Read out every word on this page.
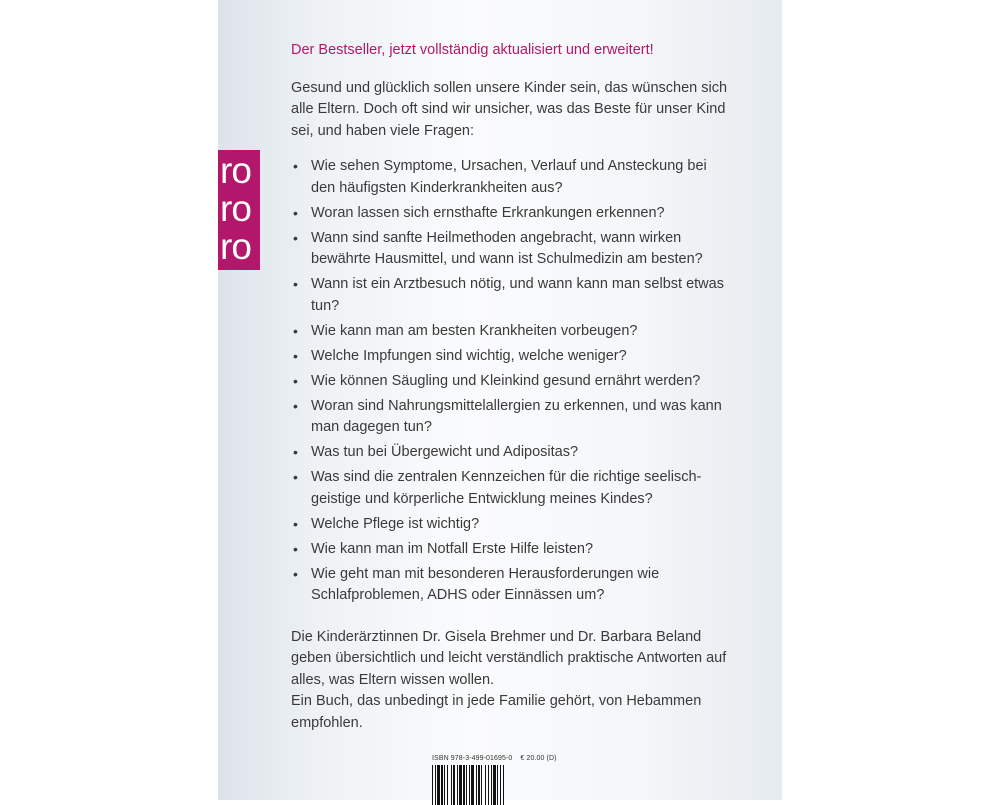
ro
ro
ro

Der Bestseller, jetzt vollständig aktualisiert und erweitert!

Gesund und glücklich sollen unsere Kinder sein, das wünschen sich alle Eltern. Doch oft sind wir unsicher, was das Beste für unser Kind sei, und haben viele Fragen:

• Wie sehen Symptome, Ursachen, Verlauf und Ansteckung bei den häufigsten Kinderkrankheiten aus?
• Woran lassen sich ernsthafte Erkrankungen erkennen?
• Wann sind sanfte Heilmethoden angebracht, wann wirken bewährte Hausmittel, und wann ist Schulmedizin am besten?
• Wann ist ein Arztbesuch nötig, und wann kann man selbst etwas tun?
• Wie kann man am besten Krankheiten vorbeugen?
• Welche Impfungen sind wichtig, welche weniger?
• Wie können Säugling und Kleinkind gesund ernährt werden?
• Woran sind Nahrungsmittelallergien zu erkennen, und was kann man dagegen tun?
• Was tun bei Übergewicht und Adipositas?
• Was sind die zentralen Kennzeichen für die richtige seelisch-geistige und körperliche Entwicklung meines Kindes?
• Welche Pflege ist wichtig?
• Wie kann man im Notfall Erste Hilfe leisten?
• Wie geht man mit besonderen Herausforderungen wie Schlafproblemen, ADHS oder Einnässen um?

Die Kinderärztinnen Dr. Gisela Brehmer und Dr. Barbara Beland geben übersichtlich und leicht verständlich praktische Antworten auf alles, was Eltern wissen wollen.

Ein Buch, das unbedingt in jede Familie gehört, von Hebammen empfohlen.

ISBN 978-3-499-01695-0 € 20.00 (D)
